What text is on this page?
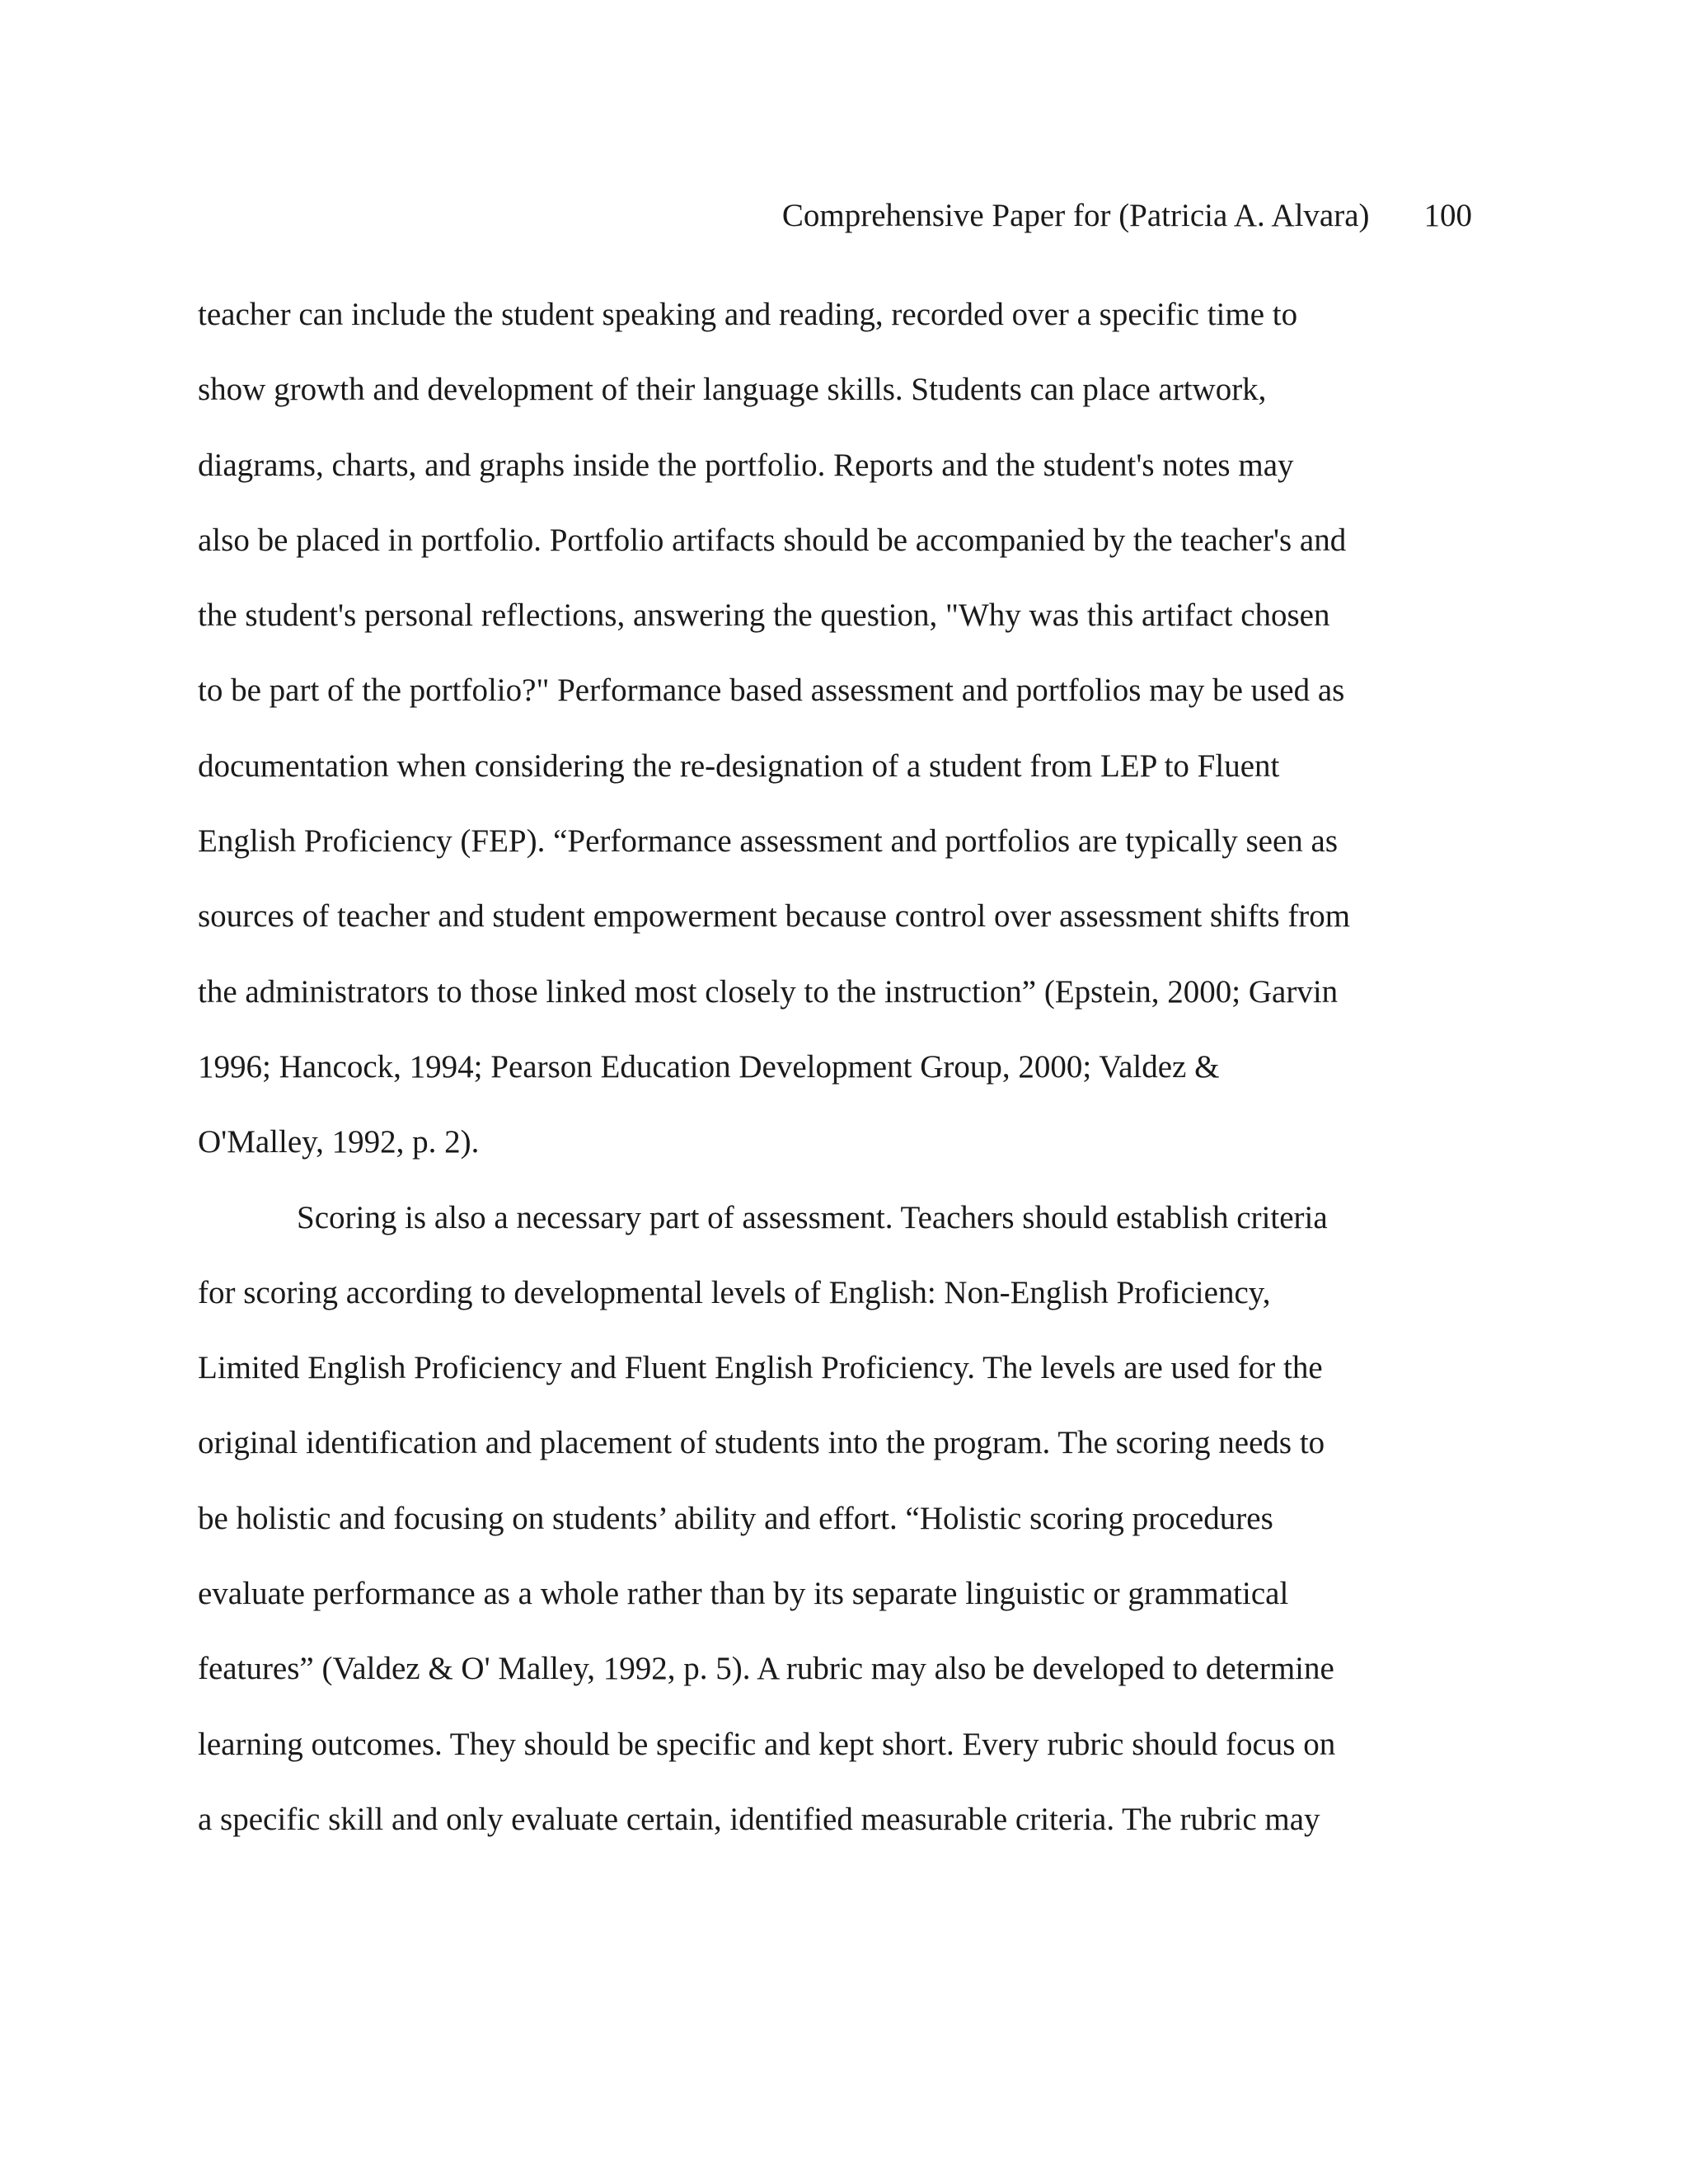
Comprehensive Paper for (Patricia A. Alvara) 100
teacher can include the student speaking and reading, recorded over a specific time to
show growth and development of their language skills. Students can place artwork,
diagrams, charts, and graphs inside the portfolio. Reports and the student's notes may
also be placed in portfolio. Portfolio artifacts should be accompanied by the teacher's and
the student's personal reflections, answering the question, "Why was this artifact chosen
to be part of the portfolio?" Performance based assessment and portfolios may be used as
documentation when considering the re-designation of a student from LEP to Fluent
English Proficiency (FEP). “Performance assessment and portfolios are typically seen as
sources of teacher and student empowerment because control over assessment shifts from
the administrators to those linked most closely to the instruction” (Epstein, 2000; Garvin
1996; Hancock, 1994; Pearson Education Development Group, 2000; Valdez &
O'Malley, 1992, p. 2).
Scoring is also a necessary part of assessment. Teachers should establish criteria
for scoring according to developmental levels of English: Non-English Proficiency,
Limited English Proficiency and Fluent English Proficiency. The levels are used for the
original identification and placement of students into the program. The scoring needs to
be holistic and focusing on students’ ability and effort. “Holistic scoring procedures
evaluate performance as a whole rather than by its separate linguistic or grammatical
features” (Valdez & O' Malley, 1992, p. 5). A rubric may also be developed to determine
learning outcomes. They should be specific and kept short. Every rubric should focus on
a specific skill and only evaluate certain, identified measurable criteria. The rubric may
